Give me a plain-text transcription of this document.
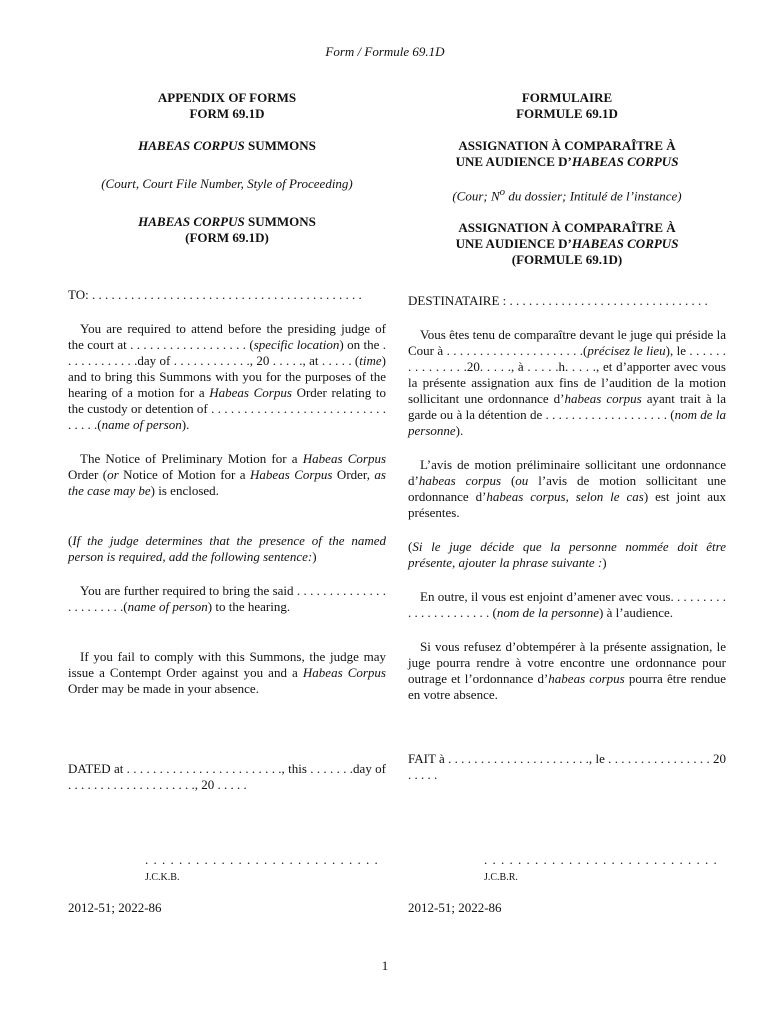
Form / Formule 69.1D

APPENDIX OF FORMS

FORM 69.1D

HABEAS CORPUS SUMMONS

(Court, Court File Number, Style of Proceeding)

HABEAS CORPUS SUMMONS

(FORM 69.1D)

TO: . . . . . . . . . . . . . . . . . . . . . . . . . . . . . . . . . . . . . . . . . .

You are required to attend before the presiding judge of the court at . . . . . . . . . . . . . . . . . . (specific location) on the . . . . . . . . . . . .day of . . . . . . . . . . . ., 20 . . . . ., at . . . . . (time) and to bring this Summons with you for the purposes of the hearing of a motion for a Habeas Corpus Order relating to the custody or detention of . . . . . . . . . . . . . . . . . . . . . . . . . . . . . . . .(name of person).

The Notice of Preliminary Motion for a Habeas Corpus Order (or Notice of Motion for a Habeas Corpus Order, as the case may be) is enclosed.

(If the judge determines that the presence of the named person is required, add the following sentence:)

You are further required to bring the said . . . . . . . . . . . . . . . . . . . . . . .(name of person) to the hearing.

If you fail to comply with this Summons, the judge may issue a Contempt Order against you and a Habeas Corpus Order may be made in your absence.

DATED at . . . . . . . . . . . . . . . . . . . . . . . ., this . . . . . . .day of . . . . . . . . . . . . . . . . . . . ., 20 . . . . .

FORMULAIRE

FORMULE 69.1D

ASSIGNATION À COMPARAÎTRE À

UNE AUDIENCE D’HABEAS CORPUS

(Cour; $N^o$ du dossier; Intitulé de l’instance)

ASSIGNATION À COMPARAÎTRE À

UNE AUDIENCE D’HABEAS CORPUS

(FORMULE 69.1D)

DESTINATAIRE : . . . . . . . . . . . . . . . . . . . . . . . . . . . . . . .

Vous êtes tenu de comparaître devant le juge qui préside la Cour à . . . . . . . . . . . . . . . . . . . . .(précisez le lieu), le . . . . . . . . . . . . . . .20. . . . ., à . . . . .h. . . . ., et d’apporter avec vous la présente assignation aux fins de l’audition de la motion sollicitant une ordonnance d’habeas corpus ayant trait à la garde ou à la détention de . . . . . . . . . . . . . . . . . . . (nom de la personne).

L’avis de motion préliminaire sollicitant une ordonnance d’habeas corpus (ou l’avis de motion sollicitant une ordonnance d’habeas corpus, selon le cas) est joint aux présentes.

(Si le juge décide que la personne nommée doit être présente, ajouter la phrase suivante :)

En outre, il vous est enjoint d’amener avec vous. . . . . . . . . . . . . . . . . . . . . . (nom de la personne) à l’audience.

Si vous refusez d’obtempérer à la présente assignation, le juge pourra rendre à votre encontre une ordonnance pour outrage et l’ordonnance d’habeas corpus pourra être rendue en votre absence.

FAIT à . . . . . . . . . . . . . . . . . . . . . ., le . . . . . . . . . . . . . . . . 20 . . . . .

. . . . . . . . . . . . . . . . . . . . . . . . . . . .
J.C.K.B.
. . . . . . . . . . . . . . . . . . . . . . . . . . . .
J.C.B.R.
2012-51; 2022-86	2012-51; 2022-86
1
